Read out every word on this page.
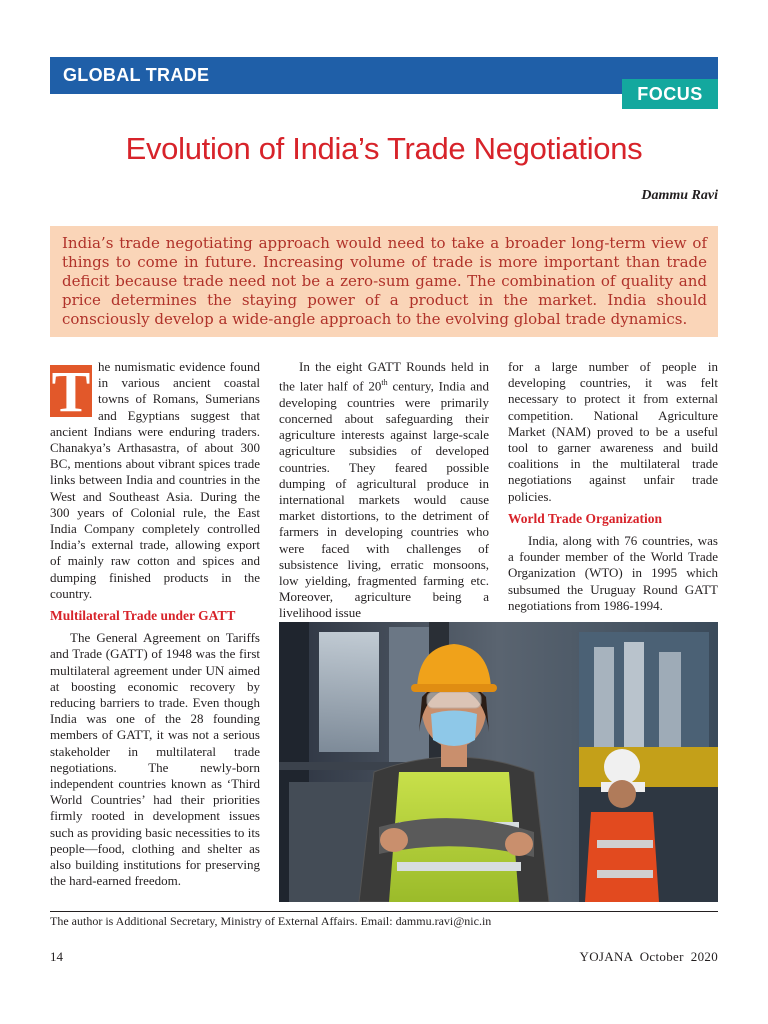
GLOBAL TRADE
FOCUS
Evolution of India’s Trade Negotiations
Dammu Ravi
India’s trade negotiating approach would need to take a broader long-term view of things to come in future. Increasing volume of trade is more important than trade deficit because trade need not be a zero-sum game. The combination of quality and price determines the staying power of a product in the market. India should consciously develop a wide-angle approach to the evolving global trade dynamics.
T he numismatic evidence found in various ancient coastal towns of Romans, Sumerians and Egyptians suggest that ancient Indians were enduring traders. Chanakya’s Arthasastra, of about 300 BC, mentions about vibrant spices trade links between India and countries in the West and Southeast Asia. During the 300 years of Colonial rule, the East India Company completely controlled India’s external trade, allowing export of mainly raw cotton and spices and dumping finished products in the country.

Multilateral Trade under GATT

The General Agreement on Tariffs and Trade (GATT) of 1948 was the first multilateral agreement under UN aimed at boosting economic recovery by reducing barriers to trade. Even though India was one of the 28 founding members of GATT, it was not a serious stakeholder in multilateral trade negotiations. The newly-born independent countries known as ‘Third World Countries’ had their priorities firmly rooted in development issues such as providing basic necessities to its people—food, clothing and shelter as also building institutions for preserving the hard-earned freedom.

In the eight GATT Rounds held in the later half of 20th century, India and developing countries were primarily concerned about safeguarding their agriculture interests against large-scale agriculture subsidies of developed countries. They feared possible dumping of agricultural produce in international markets would cause market distortions, to the detriment of farmers in developing countries who were faced with challenges of subsistence living, erratic monsoons, low yielding, fragmented farming etc. Moreover, agriculture being a livelihood issue

for a large number of people in developing countries, it was felt necessary to protect it from external competition. National Agriculture Market (NAM) proved to be a useful tool to garner awareness and build coalitions in the multilateral trade negotiations against unfair trade policies.

World Trade Organization

India, along with 76 countries, was a founder member of the World Trade Organization (WTO) in 1995 which subsumed the Uruguay Round GATT negotiations from 1986-1994.

The author is Additional Secretary, Ministry of External Affairs. Email: dammu.ravi@nic.in
14	YOJANA  October  2020
